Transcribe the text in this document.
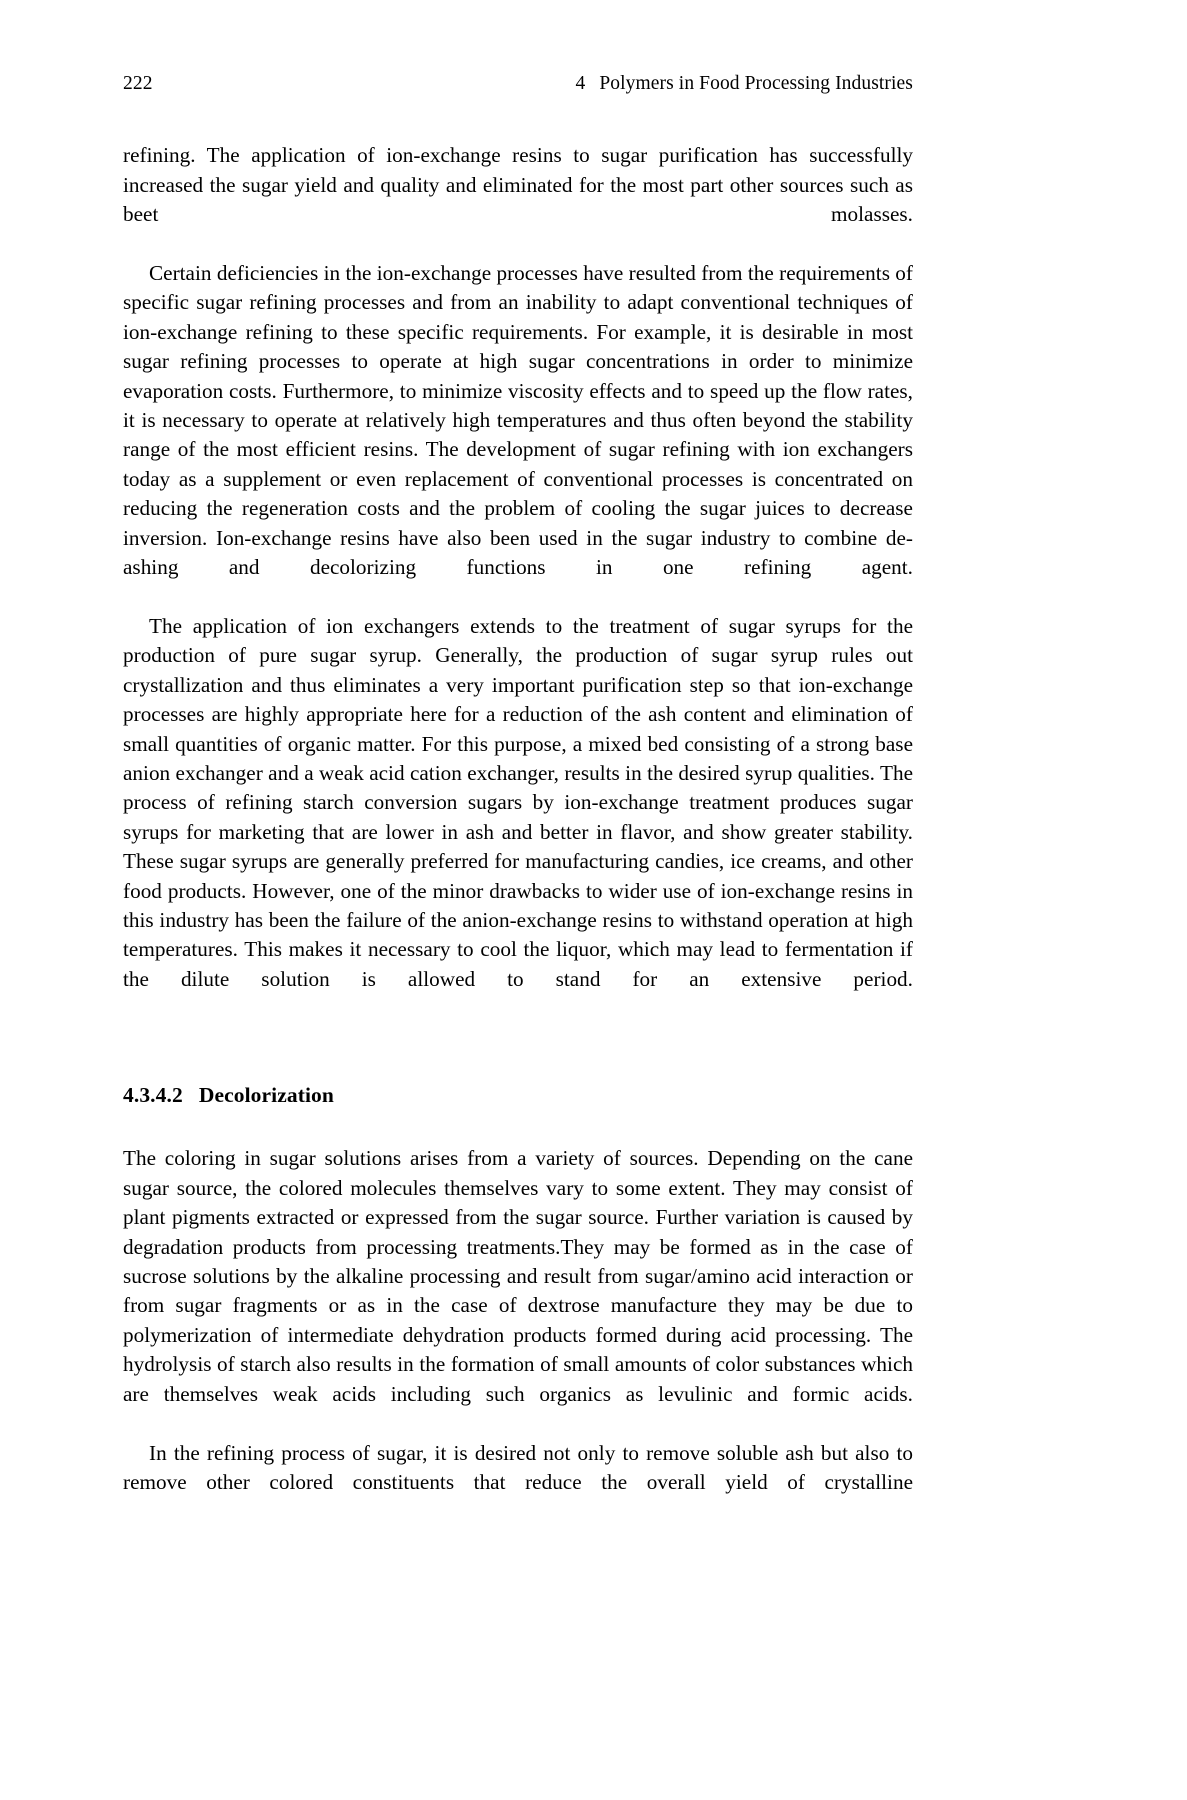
222	4 Polymers in Food Processing Industries

refining. The application of ion-exchange resins to sugar purification has successfully increased the sugar yield and quality and eliminated for the most part other sources such as beet molasses.

Certain deficiencies in the ion-exchange processes have resulted from the requirements of specific sugar refining processes and from an inability to adapt conventional techniques of ion-exchange refining to these specific requirements. For example, it is desirable in most sugar refining processes to operate at high sugar concentrations in order to minimize evaporation costs. Furthermore, to minimize viscosity effects and to speed up the flow rates, it is necessary to operate at relatively high temperatures and thus often beyond the stability range of the most efficient resins. The development of sugar refining with ion exchangers today as a supplement or even replacement of conventional processes is concentrated on reducing the regeneration costs and the problem of cooling the sugar juices to decrease inversion. Ion-exchange resins have also been used in the sugar industry to combine de-ashing and decolorizing functions in one refining agent.

The application of ion exchangers extends to the treatment of sugar syrups for the production of pure sugar syrup. Generally, the production of sugar syrup rules out crystallization and thus eliminates a very important purification step so that ion-exchange processes are highly appropriate here for a reduction of the ash content and elimination of small quantities of organic matter. For this purpose, a mixed bed consisting of a strong base anion exchanger and a weak acid cation exchanger, results in the desired syrup qualities. The process of refining starch conversion sugars by ion-exchange treatment produces sugar syrups for marketing that are lower in ash and better in flavor, and show greater stability. These sugar syrups are generally preferred for manufacturing candies, ice creams, and other food products. However, one of the minor drawbacks to wider use of ion-exchange resins in this industry has been the failure of the anion-exchange resins to withstand operation at high temperatures. This makes it necessary to cool the liquor, which may lead to fermentation if the dilute solution is allowed to stand for an extensive period.

4.3.4.2 Decolorization

The coloring in sugar solutions arises from a variety of sources. Depending on the cane sugar source, the colored molecules themselves vary to some extent. They may consist of plant pigments extracted or expressed from the sugar source. Further variation is caused by degradation products from processing treatments.They may be formed as in the case of sucrose solutions by the alkaline processing and result from sugar/amino acid interaction or from sugar fragments or as in the case of dextrose manufacture they may be due to polymerization of intermediate dehydration products formed during acid processing. The hydrolysis of starch also results in the formation of small amounts of color substances which are themselves weak acids including such organics as levulinic and formic acids.

In the refining process of sugar, it is desired not only to remove soluble ash but also to remove other colored constituents that reduce the overall yield of crystalline
